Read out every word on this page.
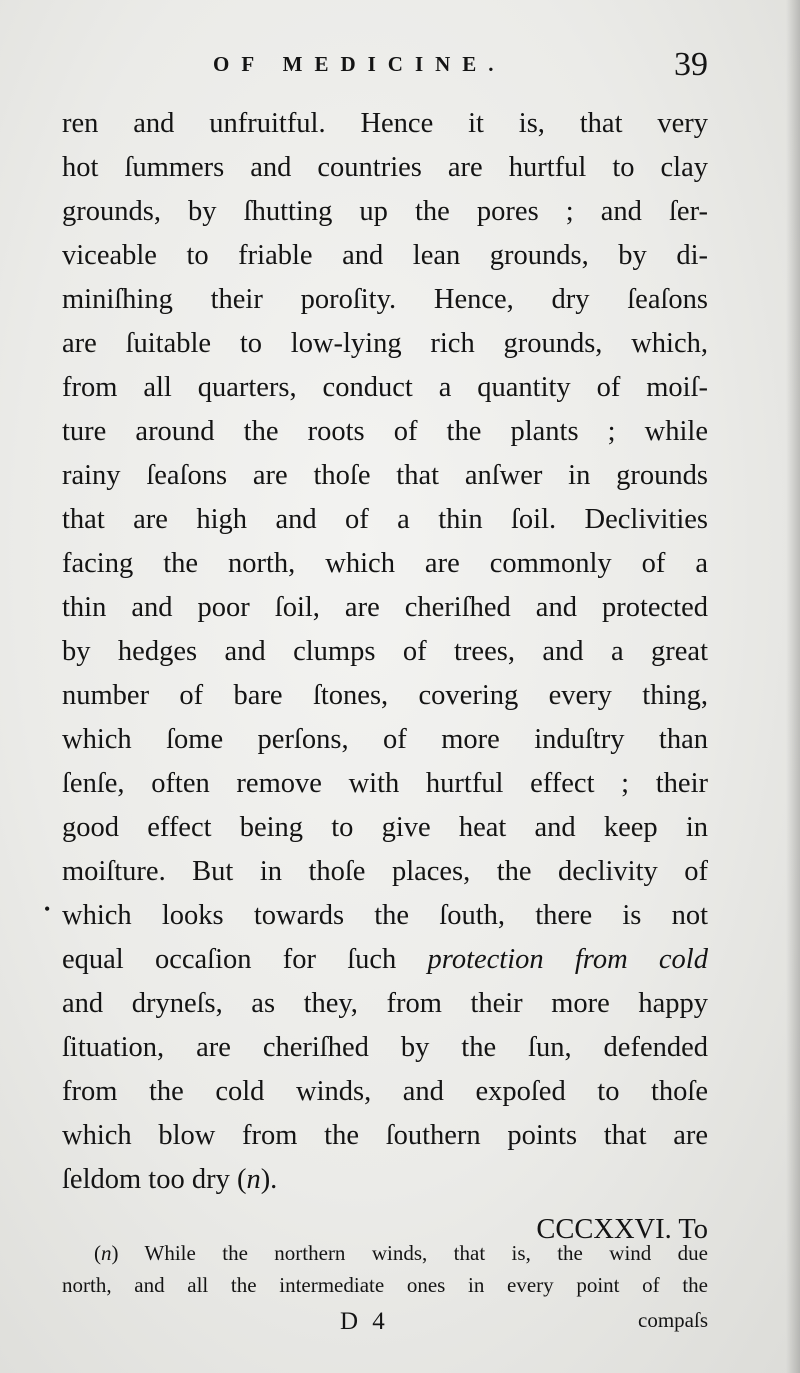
OF MEDICINE.	39
ren and unfruitful. Hence it is, that very
hot ſummers and countries are hurtful to clay
grounds, by ſhutting up the pores ; and ſer-
viceable to friable and lean grounds, by di-
miniſhing their poroſity. Hence, dry ſeaſons
are ſuitable to low-lying rich grounds, which,
from all quarters, conduct a quantity of moiſ-
ture around the roots of the plants ; while
rainy ſeaſons are thoſe that anſwer in grounds
that are high and of a thin ſoil. Declivities
facing the north, which are commonly of a
thin and poor ſoil, are cheriſhed and protected
by hedges and clumps of trees, and a great
number of bare ſtones, covering every thing,
which ſome perſons, of more induſtry than
ſenſe, often remove with hurtful effect ; their
good effect being to give heat and keep in
moiſture. But in thoſe places, the declivity of
which looks towards the ſouth, there is not
equal occaſion for ſuch protection from cold
and dryneſs, as they, from their more happy
ſituation, are cheriſhed by the ſun, defended
from the cold winds, and expoſed to thoſe
which blow from the ſouthern points that are
ſeldom too dry (n).
CCCXXVI. To
•
(n) While the northern winds, that is, the wind due
north, and all the intermediate ones in every point of the
D 4	compaſs
